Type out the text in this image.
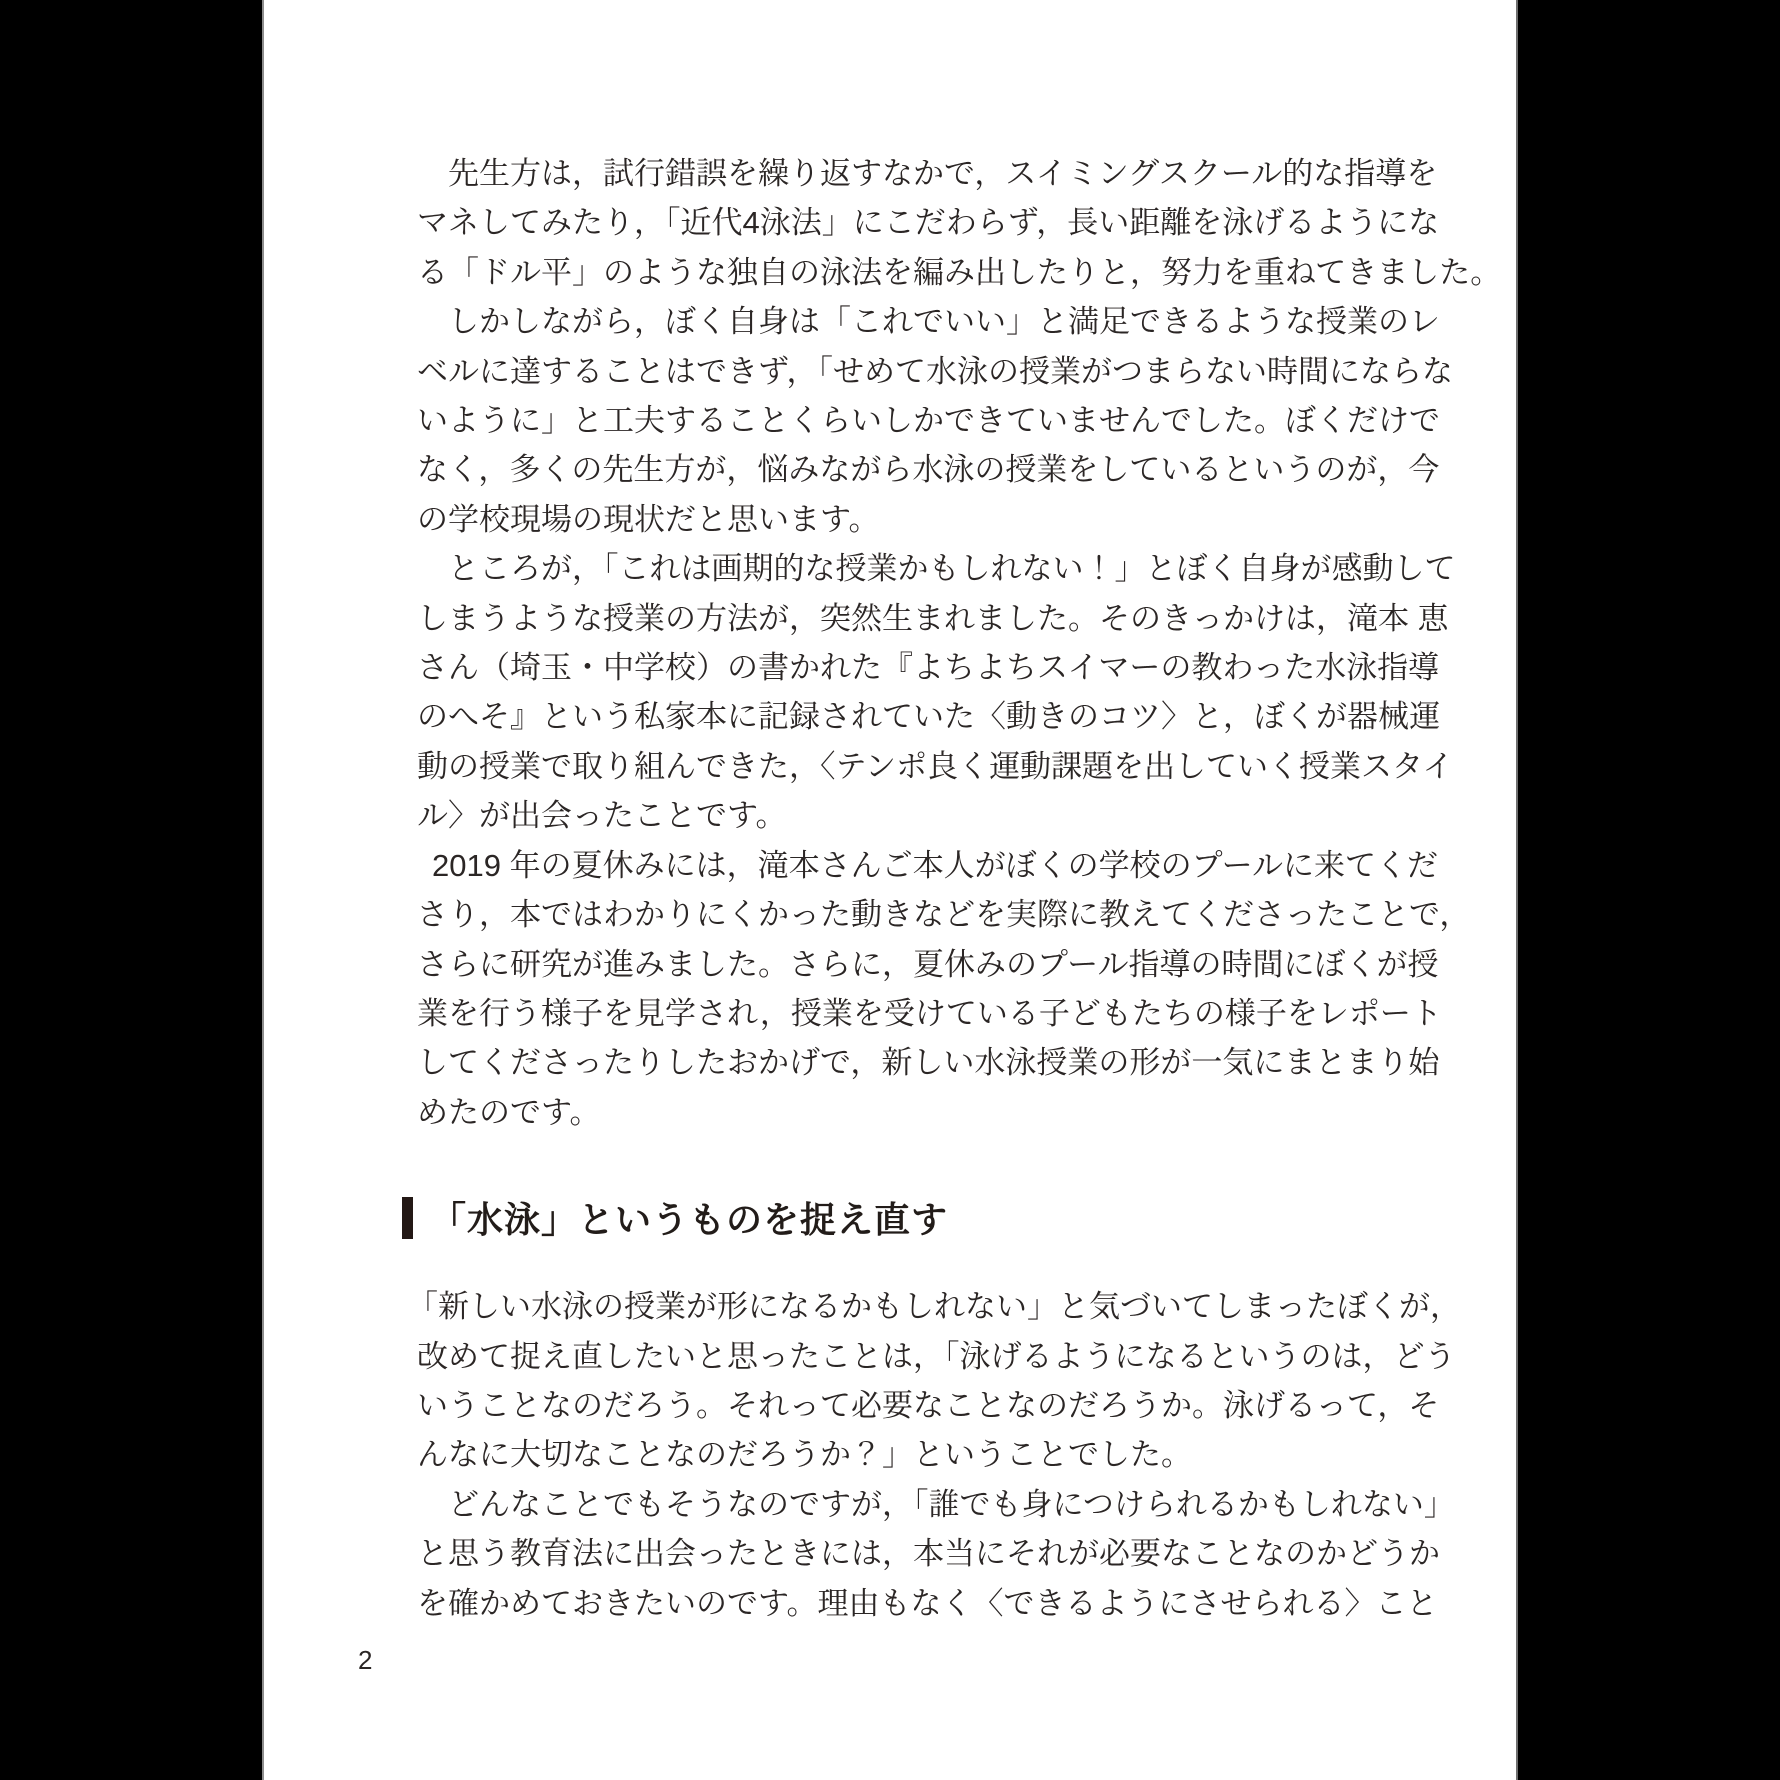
先生方は，試行錯誤を繰り返すなかで，スイミングスクール的な指導を
マネしてみたり，「近代4泳法」にこだわらず，長い距離を泳げるようにな
る「ドル平」のような独自の泳法を編み出したりと，努力を重ねてきました。
しかしながら，ぼく自身は「これでいい」と満足できるような授業のレ
ベルに達することはできず，「せめて水泳の授業がつまらない時間にならな
いように」と工夫することくらいしかできていませんでした。ぼくだけで
なく，多くの先生方が，悩みながら水泳の授業をしているというのが，今
の学校現場の現状だと思います。
ところが，「これは画期的な授業かもしれない！」とぼく自身が感動して
しまうような授業の方法が，突然生まれました。そのきっかけは，滝本 恵
さん（埼玉・中学校）の書かれた『よちよちスイマーの教わった水泳指導
のへそ』という私家本に記録されていた〈動きのコツ〉と，ぼくが器械運
動の授業で取り組んできた，〈テンポ良く運動課題を出していく授業スタイ
ル〉が出会ったことです。
2019 年の夏休みには，滝本さんご本人がぼくの学校のプールに来てくだ
さり，本ではわかりにくかった動きなどを実際に教えてくださったことで，
さらに研究が進みました。さらに，夏休みのプール指導の時間にぼくが授
業を行う様子を見学され，授業を受けている子どもたちの様子をレポート
してくださったりしたおかげで，新しい水泳授業の形が一気にまとまり始
めたのです。
「水泳」というものを捉え直す
「新しい水泳の授業が形になるかもしれない」と気づいてしまったぼくが，
改めて捉え直したいと思ったことは，「泳げるようになるというのは，どう
いうことなのだろう。それって必要なことなのだろうか。泳げるって，そ
んなに大切なことなのだろうか？」ということでした。
どんなことでもそうなのですが，「誰でも身につけられるかもしれない」
と思う教育法に出会ったときには，本当にそれが必要なことなのかどうか
を確かめておきたいのです。理由もなく〈できるようにさせられる〉こと
2
